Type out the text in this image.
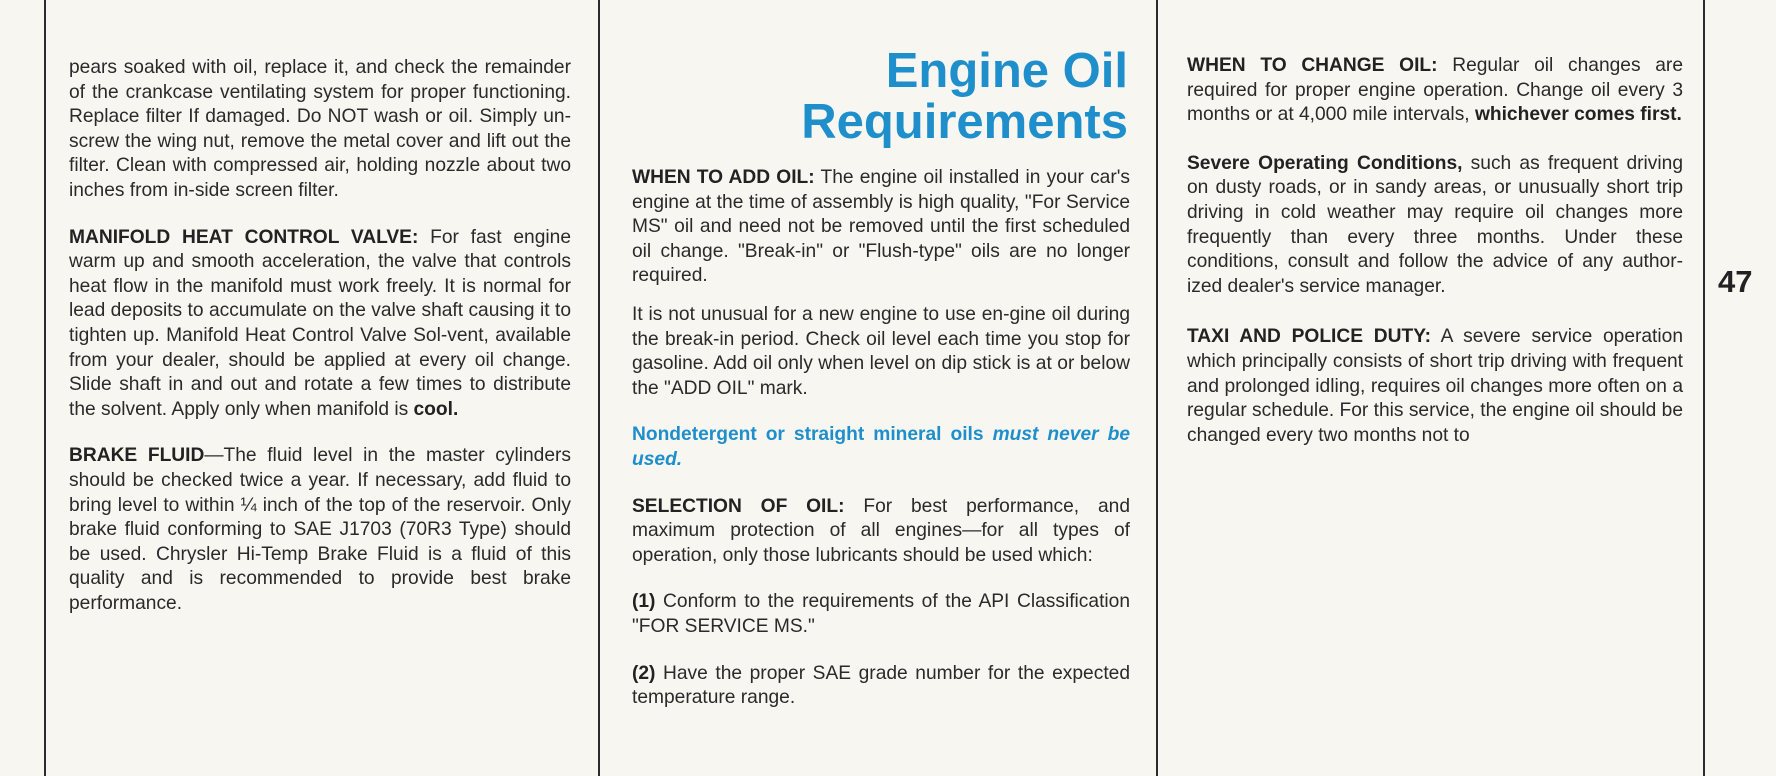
pears soaked with oil, replace it, and check the remainder of the crankcase ventilating system for proper functioning. Replace filter If damaged. Do NOT wash or oil. Simply un-screw the wing nut, remove the metal cover and lift out the filter. Clean with compressed air, holding nozzle about two inches from in-side screen filter.

MANIFOLD HEAT CONTROL VALVE: For fast engine warm up and smooth acceleration, the valve that controls heat flow in the manifold must work freely. It is normal for lead deposits to accumulate on the valve shaft causing it to tighten up. Manifold Heat Control Valve Sol-vent, available from your dealer, should be applied at every oil change. Slide shaft in and out and rotate a few times to distribute the solvent. Apply only when manifold is cool.

BRAKE FLUID—The fluid level in the master cylinders should be checked twice a year. If necessary, add fluid to bring level to within ¼ inch of the top of the reservoir. Only brake fluid conforming to SAE J1703 (70R3 Type) should be used. Chrysler Hi-Temp Brake Fluid is a fluid of this quality and is recommended to provide best brake performance.

Engine Oil
Requirements

WHEN TO ADD OIL: The engine oil installed in your car's engine at the time of assembly is high quality, "For Service MS" oil and need not be removed until the first scheduled oil change. "Break-in" or "Flush-type" oils are no longer required.

It is not unusual for a new engine to use en-gine oil during the break-in period. Check oil level each time you stop for gasoline. Add oil only when level on dip stick is at or below the "ADD OIL" mark.

Nondetergent or straight mineral oils must never be used.

SELECTION OF OIL: For best performance, and maximum protection of all engines—for all types of operation, only those lubricants should be used which:

(1) Conform to the requirements of the API Classification "FOR SERVICE MS."

(2) Have the proper SAE grade number for the expected temperature range.

WHEN TO CHANGE OIL: Regular oil changes are required for proper engine operation. Change oil every 3 months or at 4,000 mile intervals, whichever comes first.

Severe Operating Conditions, such as frequent driving on dusty roads, or in sandy areas, or unusually short trip driving in cold weather may require oil changes more frequently than every three months. Under these conditions, consult and follow the advice of any author-ized dealer's service manager.

TAXI AND POLICE DUTY: A severe service operation which principally consists of short trip driving with frequent and prolonged idling, requires oil changes more often on a regular schedule. For this service, the engine oil should be changed every two months not to

47
